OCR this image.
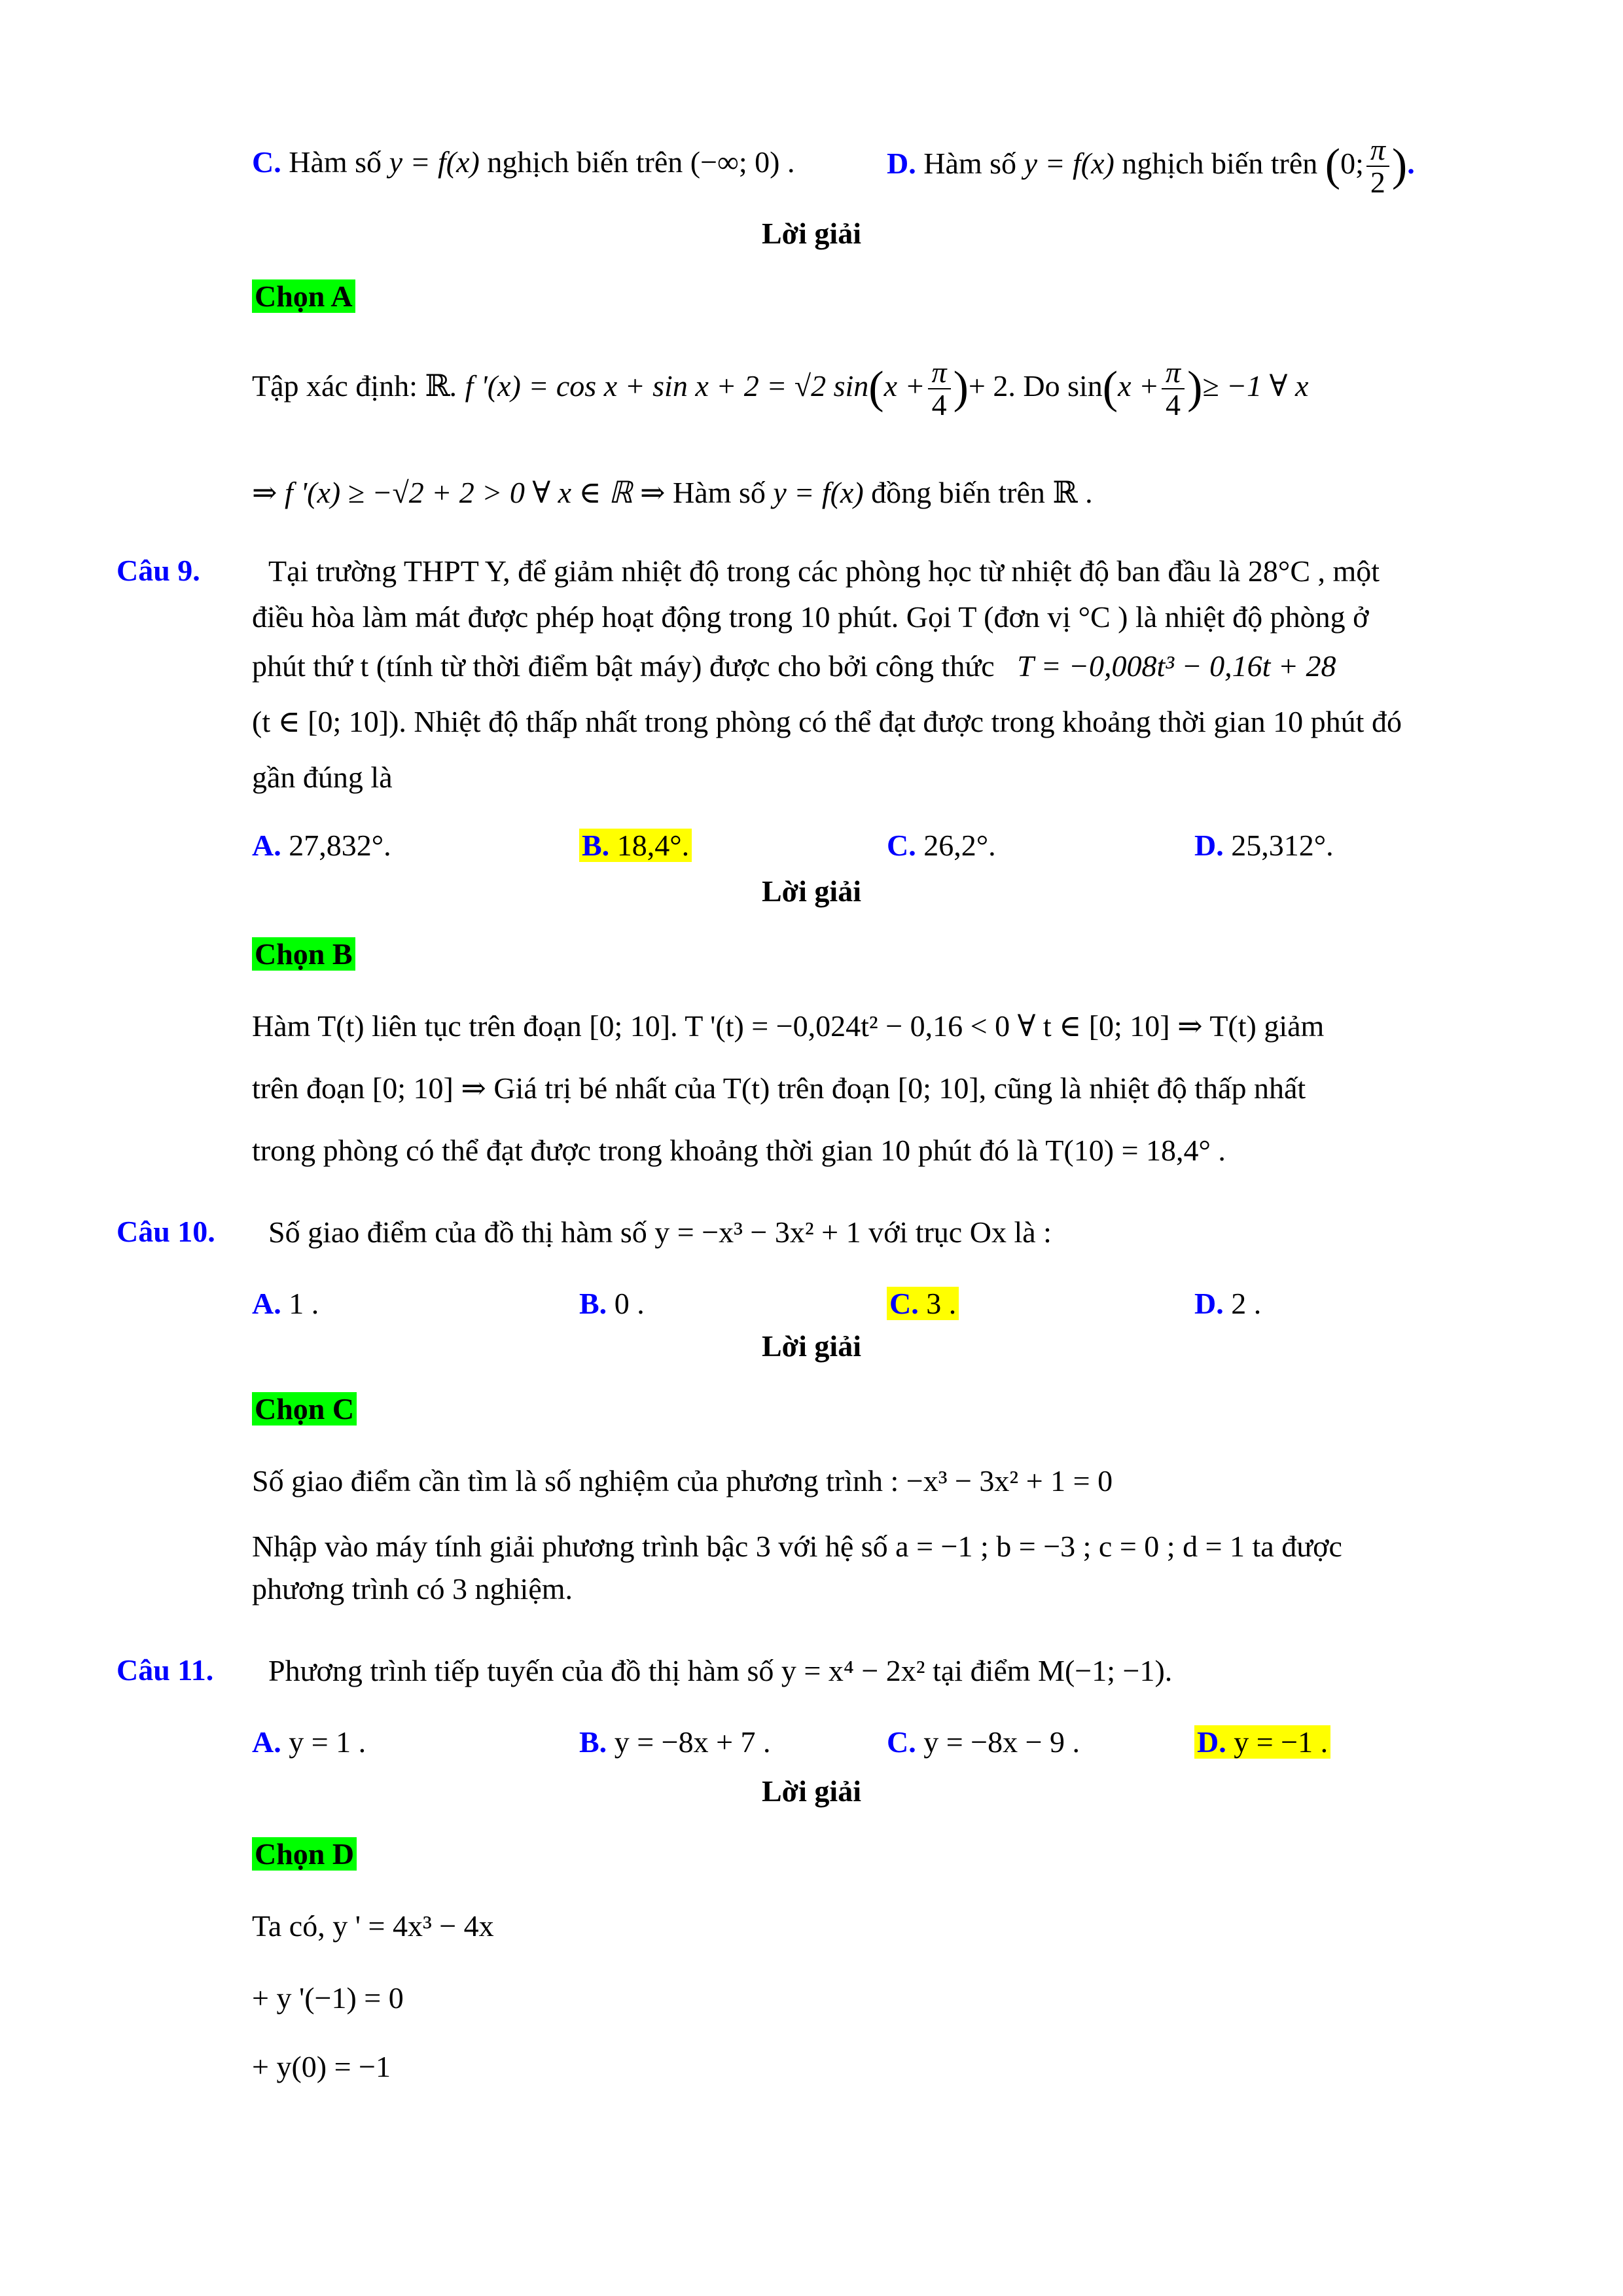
C. Hàm số y = f(x) nghịch biến trên (−∞; 0) .	D. Hàm số y = f(x) nghịch biến trên (0; $\frac{\pi}{2}$ ).
Lời giải
Chọn A
Tập xác định: ℝ. f '(x) = cos x + sin x + 2 = √2 $\sin(x + \frac{\pi}{4}$ )+ 2. Do $\sin(x + \frac{\pi}{4}$ )≥ −1 ∀ x
⇒ f '(x) ≥ −√2 + 2 > 0 ∀ x ∈ ℝ ⇒ Hàm số y = f(x) đồng biến trên ℝ .
Câu 9. Tại trường THPT Y, để giảm nhiệt độ trong các phòng học từ nhiệt độ ban đầu là 28°C , một
điều hòa làm mát được phép hoạt động trong 10 phút. Gọi T (đơn vị °C ) là nhiệt độ phòng ở
phút thứ t (tính từ thời điểm bật máy) được cho bởi công thức T = −0,008t³ − 0,16t + 28
(t ∈ [0; 10]). Nhiệt độ thấp nhất trong phòng có thể đạt được trong khoảng thời gian 10 phút đó
gần đúng là
A. 27,832°.	B. 18,4°.	C. 26,2°.	D. 25,312°.
Lời giải
Chọn B
Hàm T(t) liên tục trên đoạn [0; 10]. T '(t) = −0,024t² − 0,16 < 0 ∀ t ∈ [0; 10] ⇒ T(t) giảm
trên đoạn [0; 10] ⇒ Giá trị bé nhất của T(t) trên đoạn [0; 10], cũng là nhiệt độ thấp nhất
trong phòng có thể đạt được trong khoảng thời gian 10 phút đó là T(10) = 18,4° .
Câu 10. Số giao điểm của đồ thị hàm số y = −x³ − 3x² + 1 với trục Ox là :
A. 1 .	B. 0 .	C. 3 .	D. 2 .
Lời giải
Chọn C
Số giao điểm cần tìm là số nghiệm của phương trình : −x³ − 3x² + 1 = 0
Nhập vào máy tính giải phương trình bậc 3 với hệ số a = −1 ; b = −3 ; c = 0 ; d = 1 ta được
phương trình có 3 nghiệm.
Câu 11. Phương trình tiếp tuyến của đồ thị hàm số y = x⁴ − 2x² tại điểm M(−1; −1).
A. y = 1 .	B. y = −8x + 7 .	C. y = −8x − 9 .	D. y = −1 .
Lời giải
Chọn D
Ta có, y ' = 4x³ − 4x
+ y '(−1) = 0
+ y(0) = −1
